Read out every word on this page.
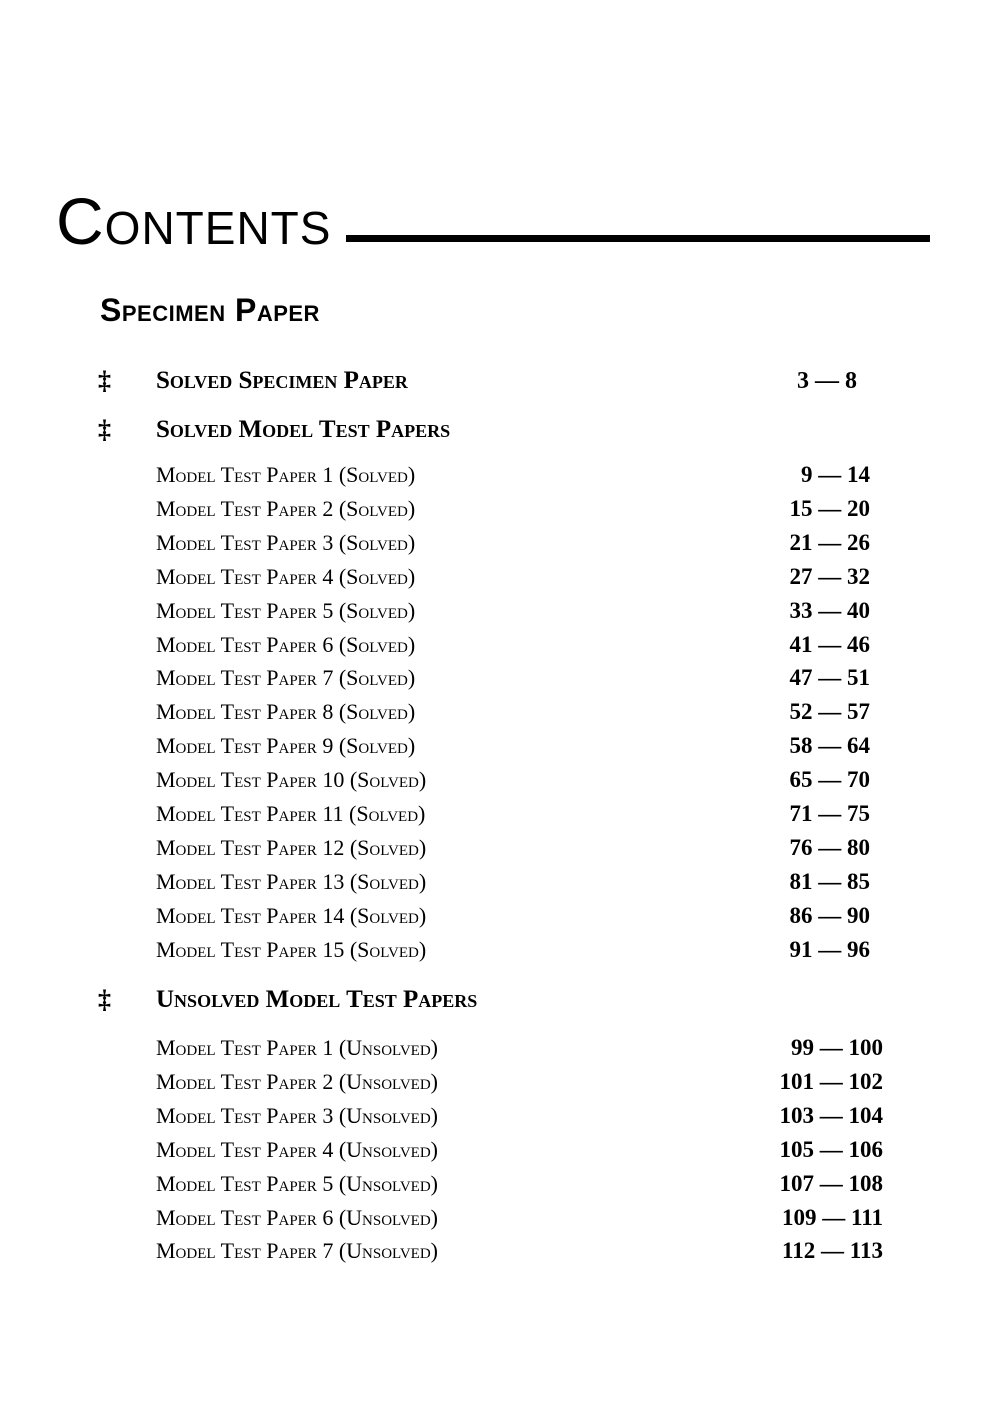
Contents
Specimen Paper
‡ Solved Specimen Paper	3 — 8
‡ Solved Model Test Papers
Model Test Paper 1 (Solved)	9 — 14
Model Test Paper 2 (Solved)	15 — 20
Model Test Paper 3 (Solved)	21 — 26
Model Test Paper 4 (Solved)	27 — 32
Model Test Paper 5 (Solved)	33 — 40
Model Test Paper 6 (Solved)	41 — 46
Model Test Paper 7 (Solved)	47 — 51
Model Test Paper 8 (Solved)	52 — 57
Model Test Paper 9 (Solved)	58 — 64
Model Test Paper 10 (Solved)	65 — 70
Model Test Paper 11 (Solved)	71 — 75
Model Test Paper 12 (Solved)	76 — 80
Model Test Paper 13 (Solved)	81 — 85
Model Test Paper 14 (Solved)	86 — 90
Model Test Paper 15 (Solved)	91 — 96
‡ Unsolved Model Test Papers
Model Test Paper 1 (Unsolved)	99 — 100
Model Test Paper 2 (Unsolved)	101 — 102
Model Test Paper 3 (Unsolved)	103 — 104
Model Test Paper 4 (Unsolved)	105 — 106
Model Test Paper 5 (Unsolved)	107 — 108
Model Test Paper 6 (Unsolved)	109 — 111
Model Test Paper 7 (Unsolved)	112 — 113
